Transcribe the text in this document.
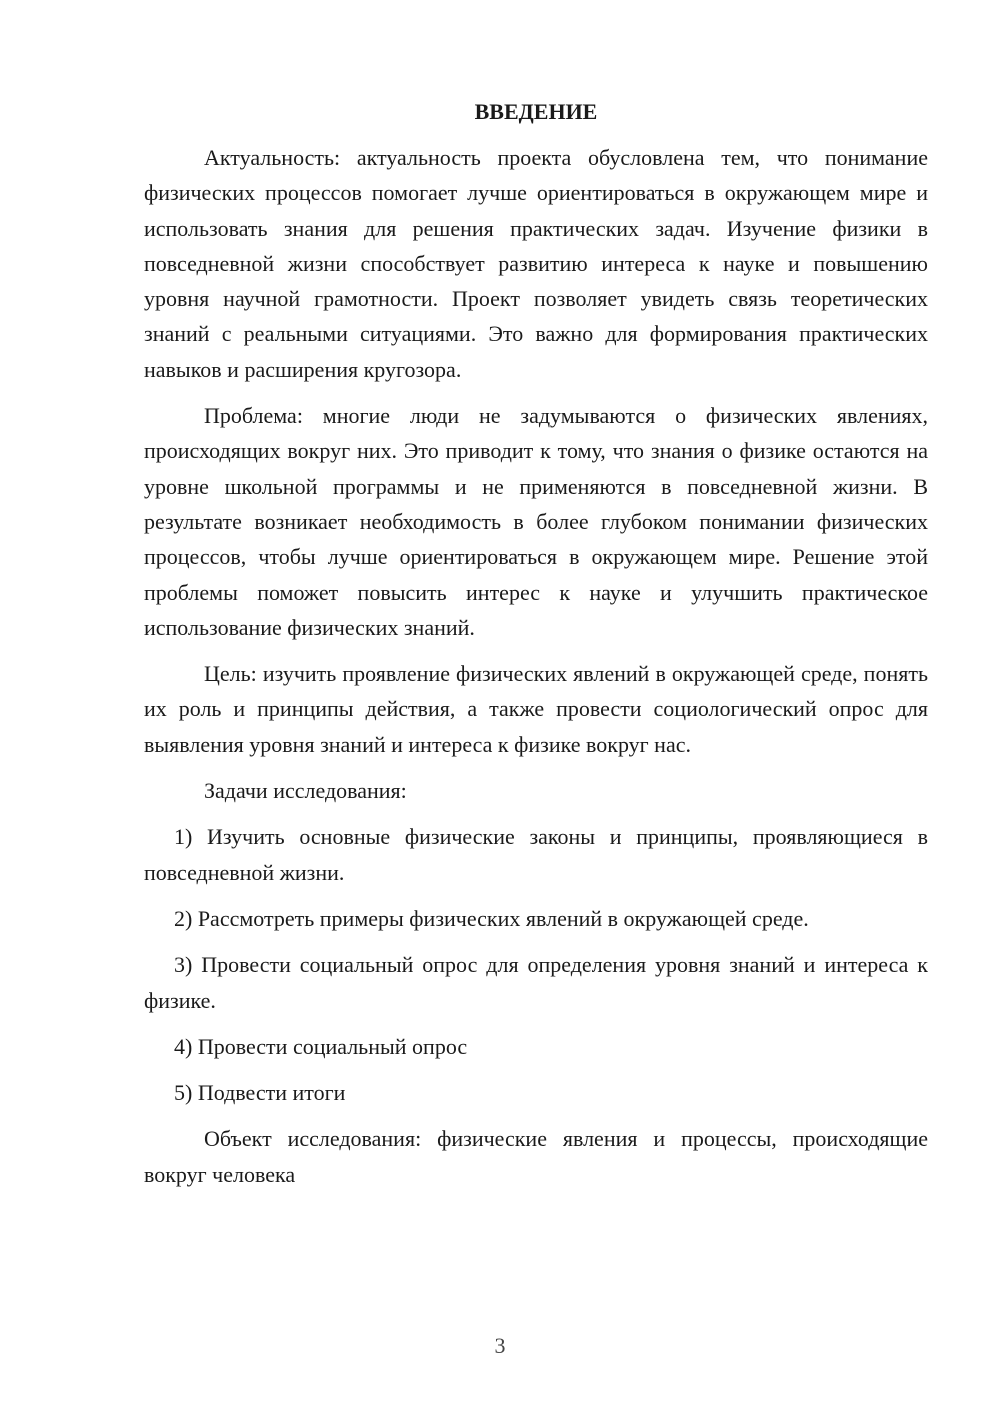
ВВЕДЕНИЕ

Актуальность: актуальность проекта обусловлена тем, что понимание физических процессов помогает лучше ориентироваться в окружающем мире и использовать знания для решения практических задач. Изучение физики в повседневной жизни способствует развитию интереса к науке и повышению уровня научной грамотности. Проект позволяет увидеть связь теоретических знаний с реальными ситуациями. Это важно для формирования практических навыков и расширения кругозора.

Проблема: многие люди не задумываются о физических явлениях, происходящих вокруг них. Это приводит к тому, что знания о физике остаются на уровне школьной программы и не применяются в повседневной жизни. В результате возникает необходимость в более глубоком понимании физических процессов, чтобы лучше ориентироваться в окружающем мире. Решение этой проблемы поможет повысить интерес к науке и улучшить практическое использование физических знаний.

Цель: изучить проявление физических явлений в окружающей среде, понять их роль и принципы действия, а также провести социологический опрос для выявления уровня знаний и интереса к физике вокруг нас.

Задачи исследования:

1) Изучить основные физические законы и принципы, проявляющиеся в повседневной жизни.

2) Рассмотреть примеры физических явлений в окружающей среде.

3) Провести социальный опрос для определения уровня знаний и интереса к физике.

4) Провести социальный опрос

5) Подвести итоги

Объект исследования: физические явления и процессы, происходящие вокруг человека

3
